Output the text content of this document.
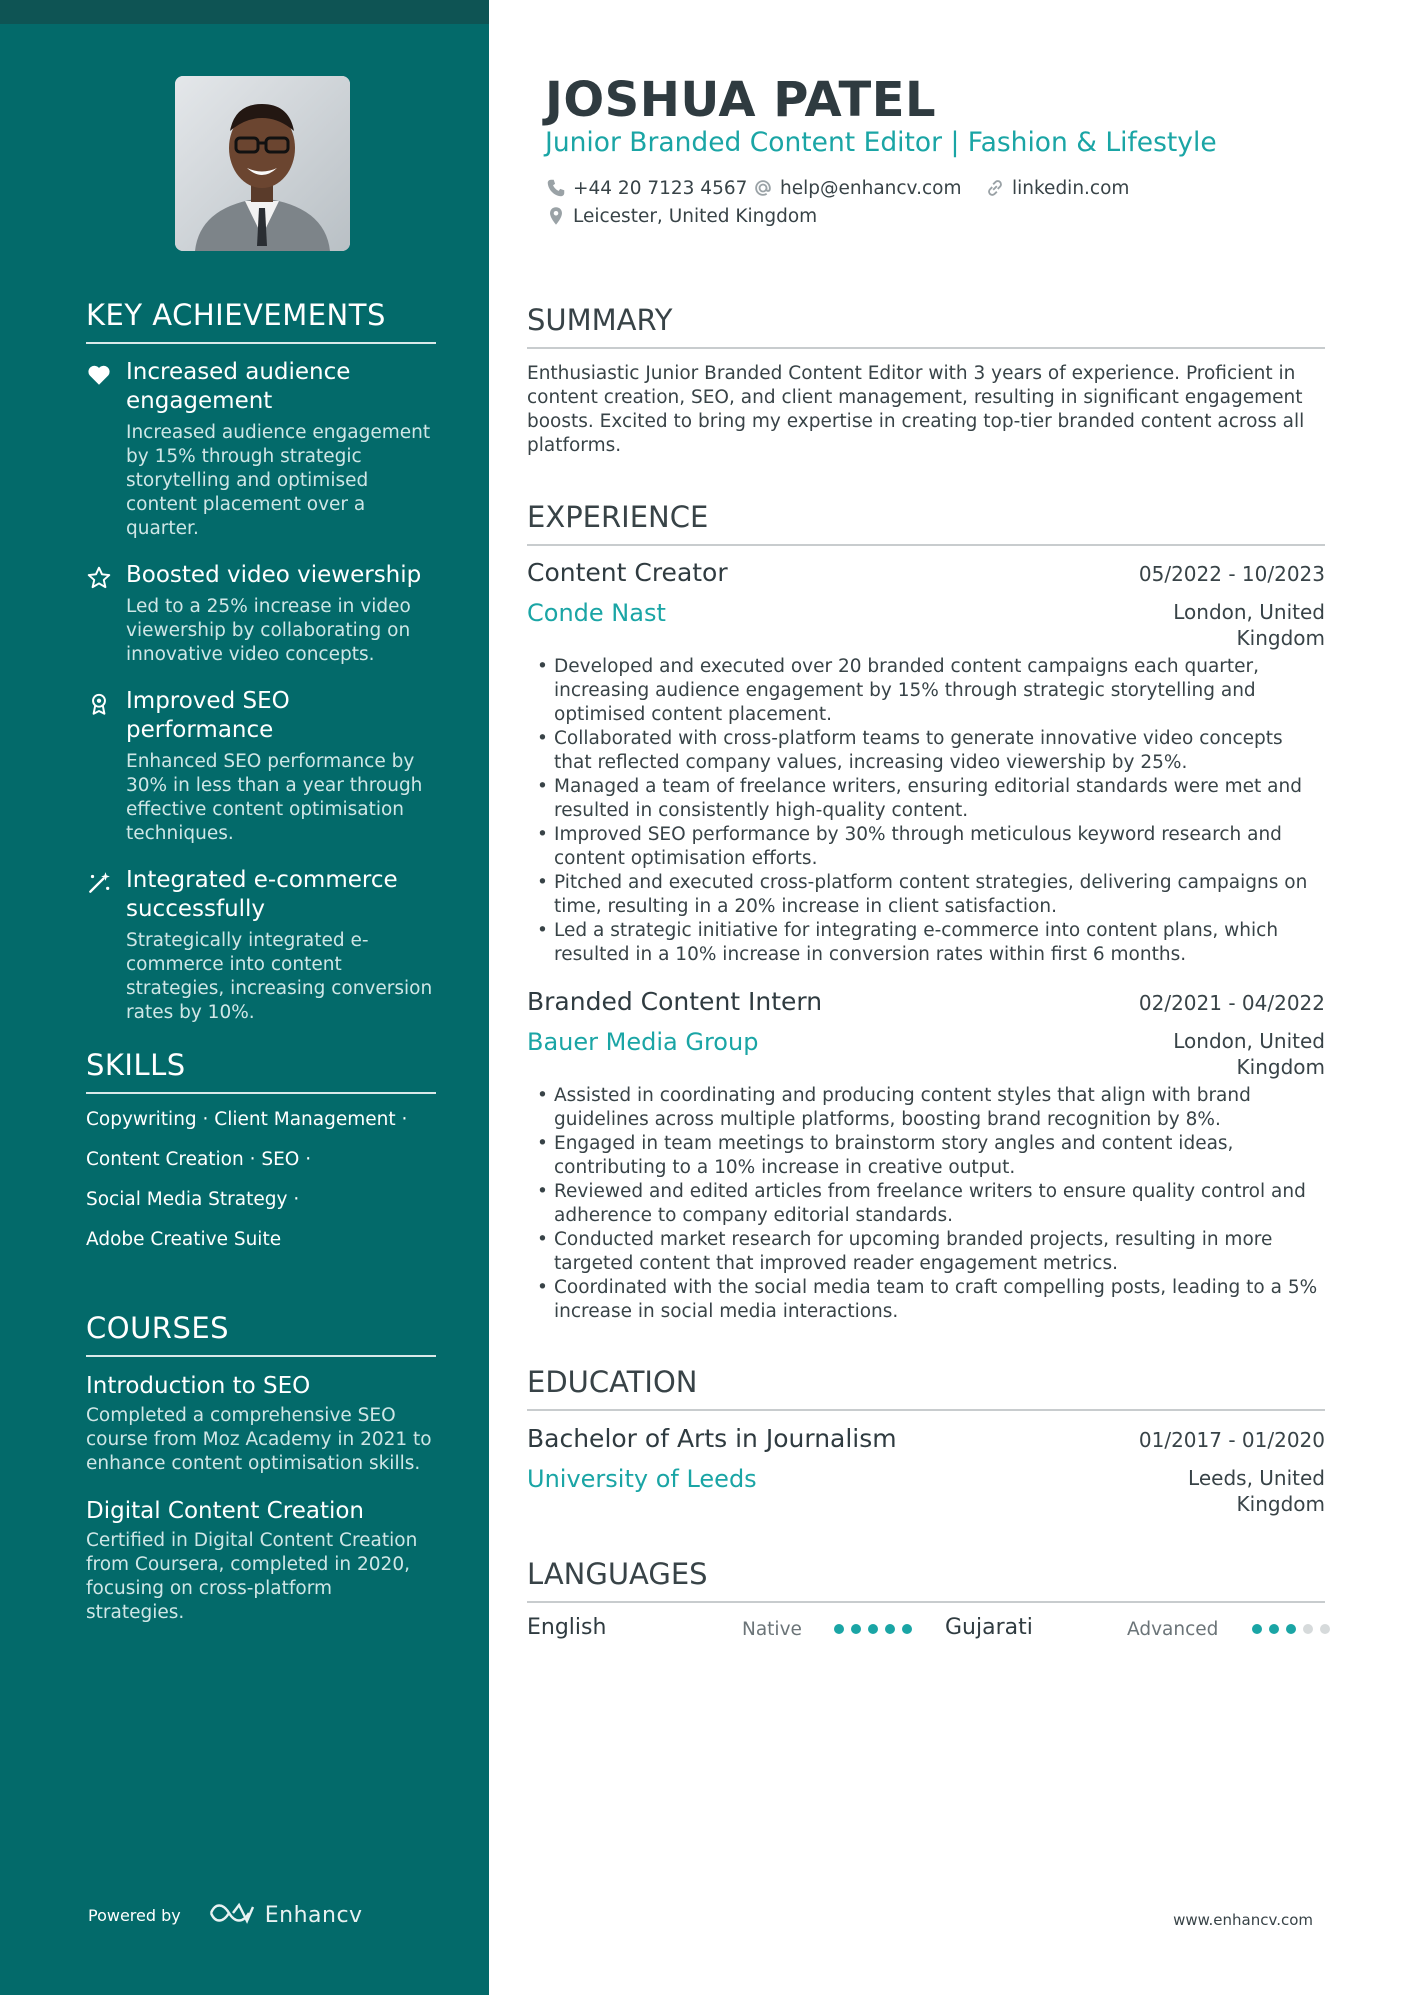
KEY ACHIEVEMENTS
Increased audience engagement
Increased audience engagement by 15% through strategic storytelling and optimised content placement over a quarter.
Boosted video viewership
Led to a 25% increase in video viewership by collaborating on innovative video concepts.
Improved SEO performance
Enhanced SEO performance by 30% in less than a year through effective content optimisation techniques.
Integrated e-commerce successfully
Strategically integrated e-commerce into content strategies, increasing conversion rates by 10%.
SKILLS
Copywriting · Client Management ·
Content Creation · SEO ·
Social Media Strategy ·
Adobe Creative Suite
COURSES
Introduction to SEO
Completed a comprehensive SEO course from Moz Academy in 2021 to enhance content optimisation skills.
Digital Content Creation
Certified in Digital Content Creation from Coursera, completed in 2020, focusing on cross-platform strategies.
Powered by	Enhancv
JOSHUA PATEL
Junior Branded Content Editor | Fashion & Lifestyle
+44 20 7123 4567 help@enhancv.com	linkedin.com
Leicester, United Kingdom
SUMMARY
Enthusiastic Junior Branded Content Editor with 3 years of experience. Proficient in content creation, SEO, and client management, resulting in significant engagement boosts. Excited to bring my expertise in creating top-tier branded content across all platforms.
EXPERIENCE
Content Creator	05/2022 - 10/2023
Conde Nast	London, United Kingdom
• Developed and executed over 20 branded content campaigns each quarter, increasing audience engagement by 15% through strategic storytelling and optimised content placement.
• Collaborated with cross-platform teams to generate innovative video concepts that reflected company values, increasing video viewership by 25%.
• Managed a team of freelance writers, ensuring editorial standards were met and resulted in consistently high-quality content.
• Improved SEO performance by 30% through meticulous keyword research and content optimisation efforts.
• Pitched and executed cross-platform content strategies, delivering campaigns on time, resulting in a 20% increase in client satisfaction.
• Led a strategic initiative for integrating e-commerce into content plans, which resulted in a 10% increase in conversion rates within first 6 months.
Branded Content Intern	02/2021 - 04/2022
Bauer Media Group	London, United Kingdom
• Assisted in coordinating and producing content styles that align with brand guidelines across multiple platforms, boosting brand recognition by 8%.
• Engaged in team meetings to brainstorm story angles and content ideas, contributing to a 10% increase in creative output.
• Reviewed and edited articles from freelance writers to ensure quality control and adherence to company editorial standards.
• Conducted market research for upcoming branded projects, resulting in more targeted content that improved reader engagement metrics.
• Coordinated with the social media team to craft compelling posts, leading to a 5% increase in social media interactions.
EDUCATION
Bachelor of Arts in Journalism	01/2017 - 01/2020
University of Leeds	Leeds, United Kingdom
LANGUAGES
English	Native	Gujarati	Advanced
www.enhancv.com
